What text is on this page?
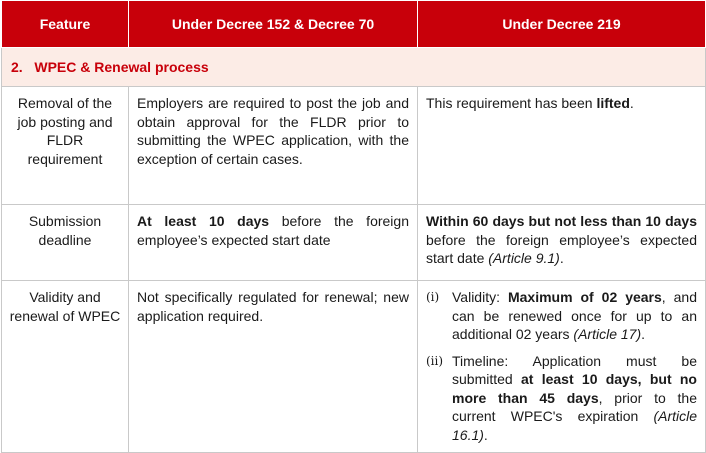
Feature	Under Decree 152 & Decree 70	Under Decree 219
2. WPEC & Renewal process		
Removal of the job posting and FLDR requirement	Employers are required to post the job and obtain approval for the FLDR prior to submitting the WPEC application, with the exception of certain cases.	This requirement has been lifted.
Submission deadline	At least 10 days before the foreign employee’s expected start date	Within 60 days but not less than 10 days before the foreign employee’s expected start date (Article 9.1).
Validity and renewal of WPEC	Not specifically regulated for renewal; new application required.	(i) Validity: Maximum of 02 years, and can be renewed once for up to an additional 02 years (Article 17).
(ii) Timeline: Application must be submitted at least 10 days, but no more than 45 days, prior to the current WPEC's expiration (Article 16.1).
